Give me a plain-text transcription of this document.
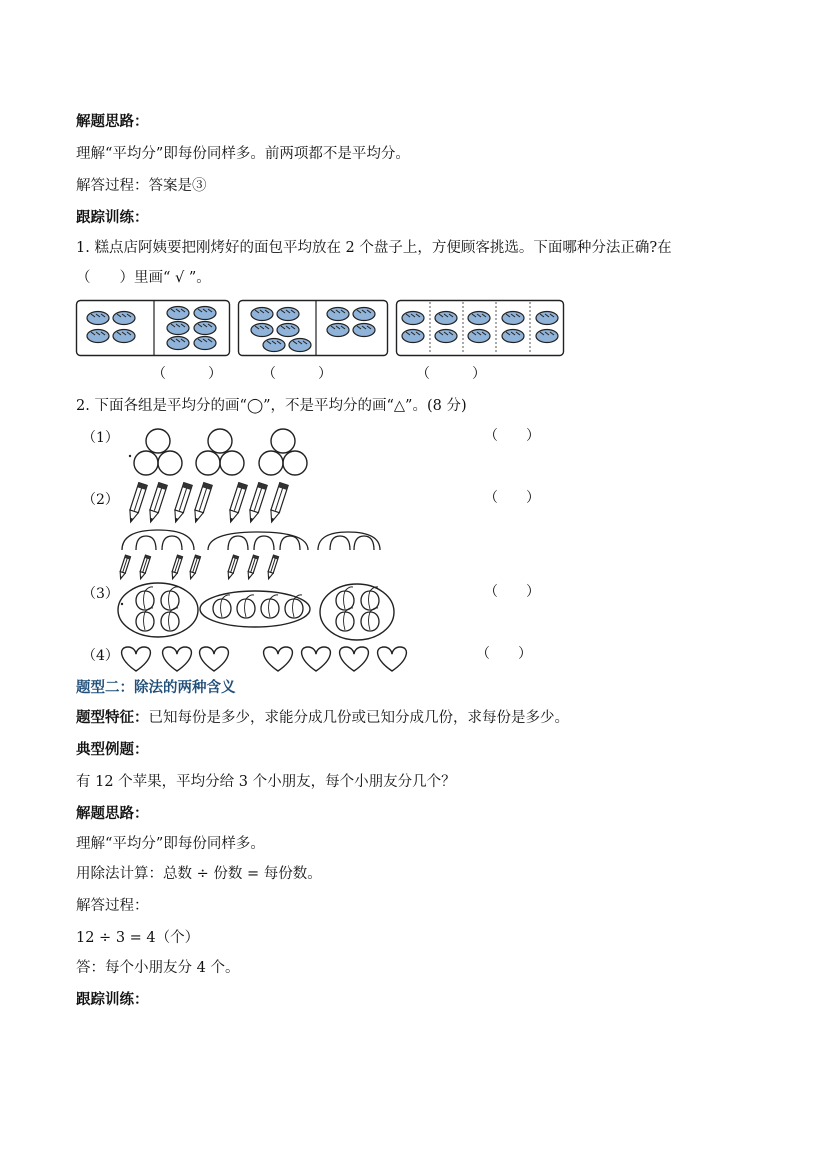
解题思路：
理解“平均分”即每份同样多。前两项都不是平均分。
解答过程：答案是③
跟踪训练：
1. 糕点店阿姨要把刚烤好的面包平均放在 2 个盘子上，方便顾客挑选。下面哪种分法正确?在
（　　）里画“ √ ”。
（　　　）	（　　　）	（　　　）
2. 下面各组是平均分的画“◯”，不是平均分的画“△”。(8 分)
（1）	（　　）
（2）	（　　）
（3）	（　　）
（4）	（　　）
题型二：除法的两种含义
题型特征：已知每份是多少，求能分成几份或已知分成几份，求每份是多少。
典型例题：
有 12 个苹果，平均分给 3 个小朋友，每个小朋友分几个？
解题思路：
理解“平均分”即每份同样多。
用除法计算：总数 ÷ 份数 = 每份数。
解答过程：
12 ÷ 3 = 4（个）
答：每个小朋友分 4 个。
跟踪训练：
